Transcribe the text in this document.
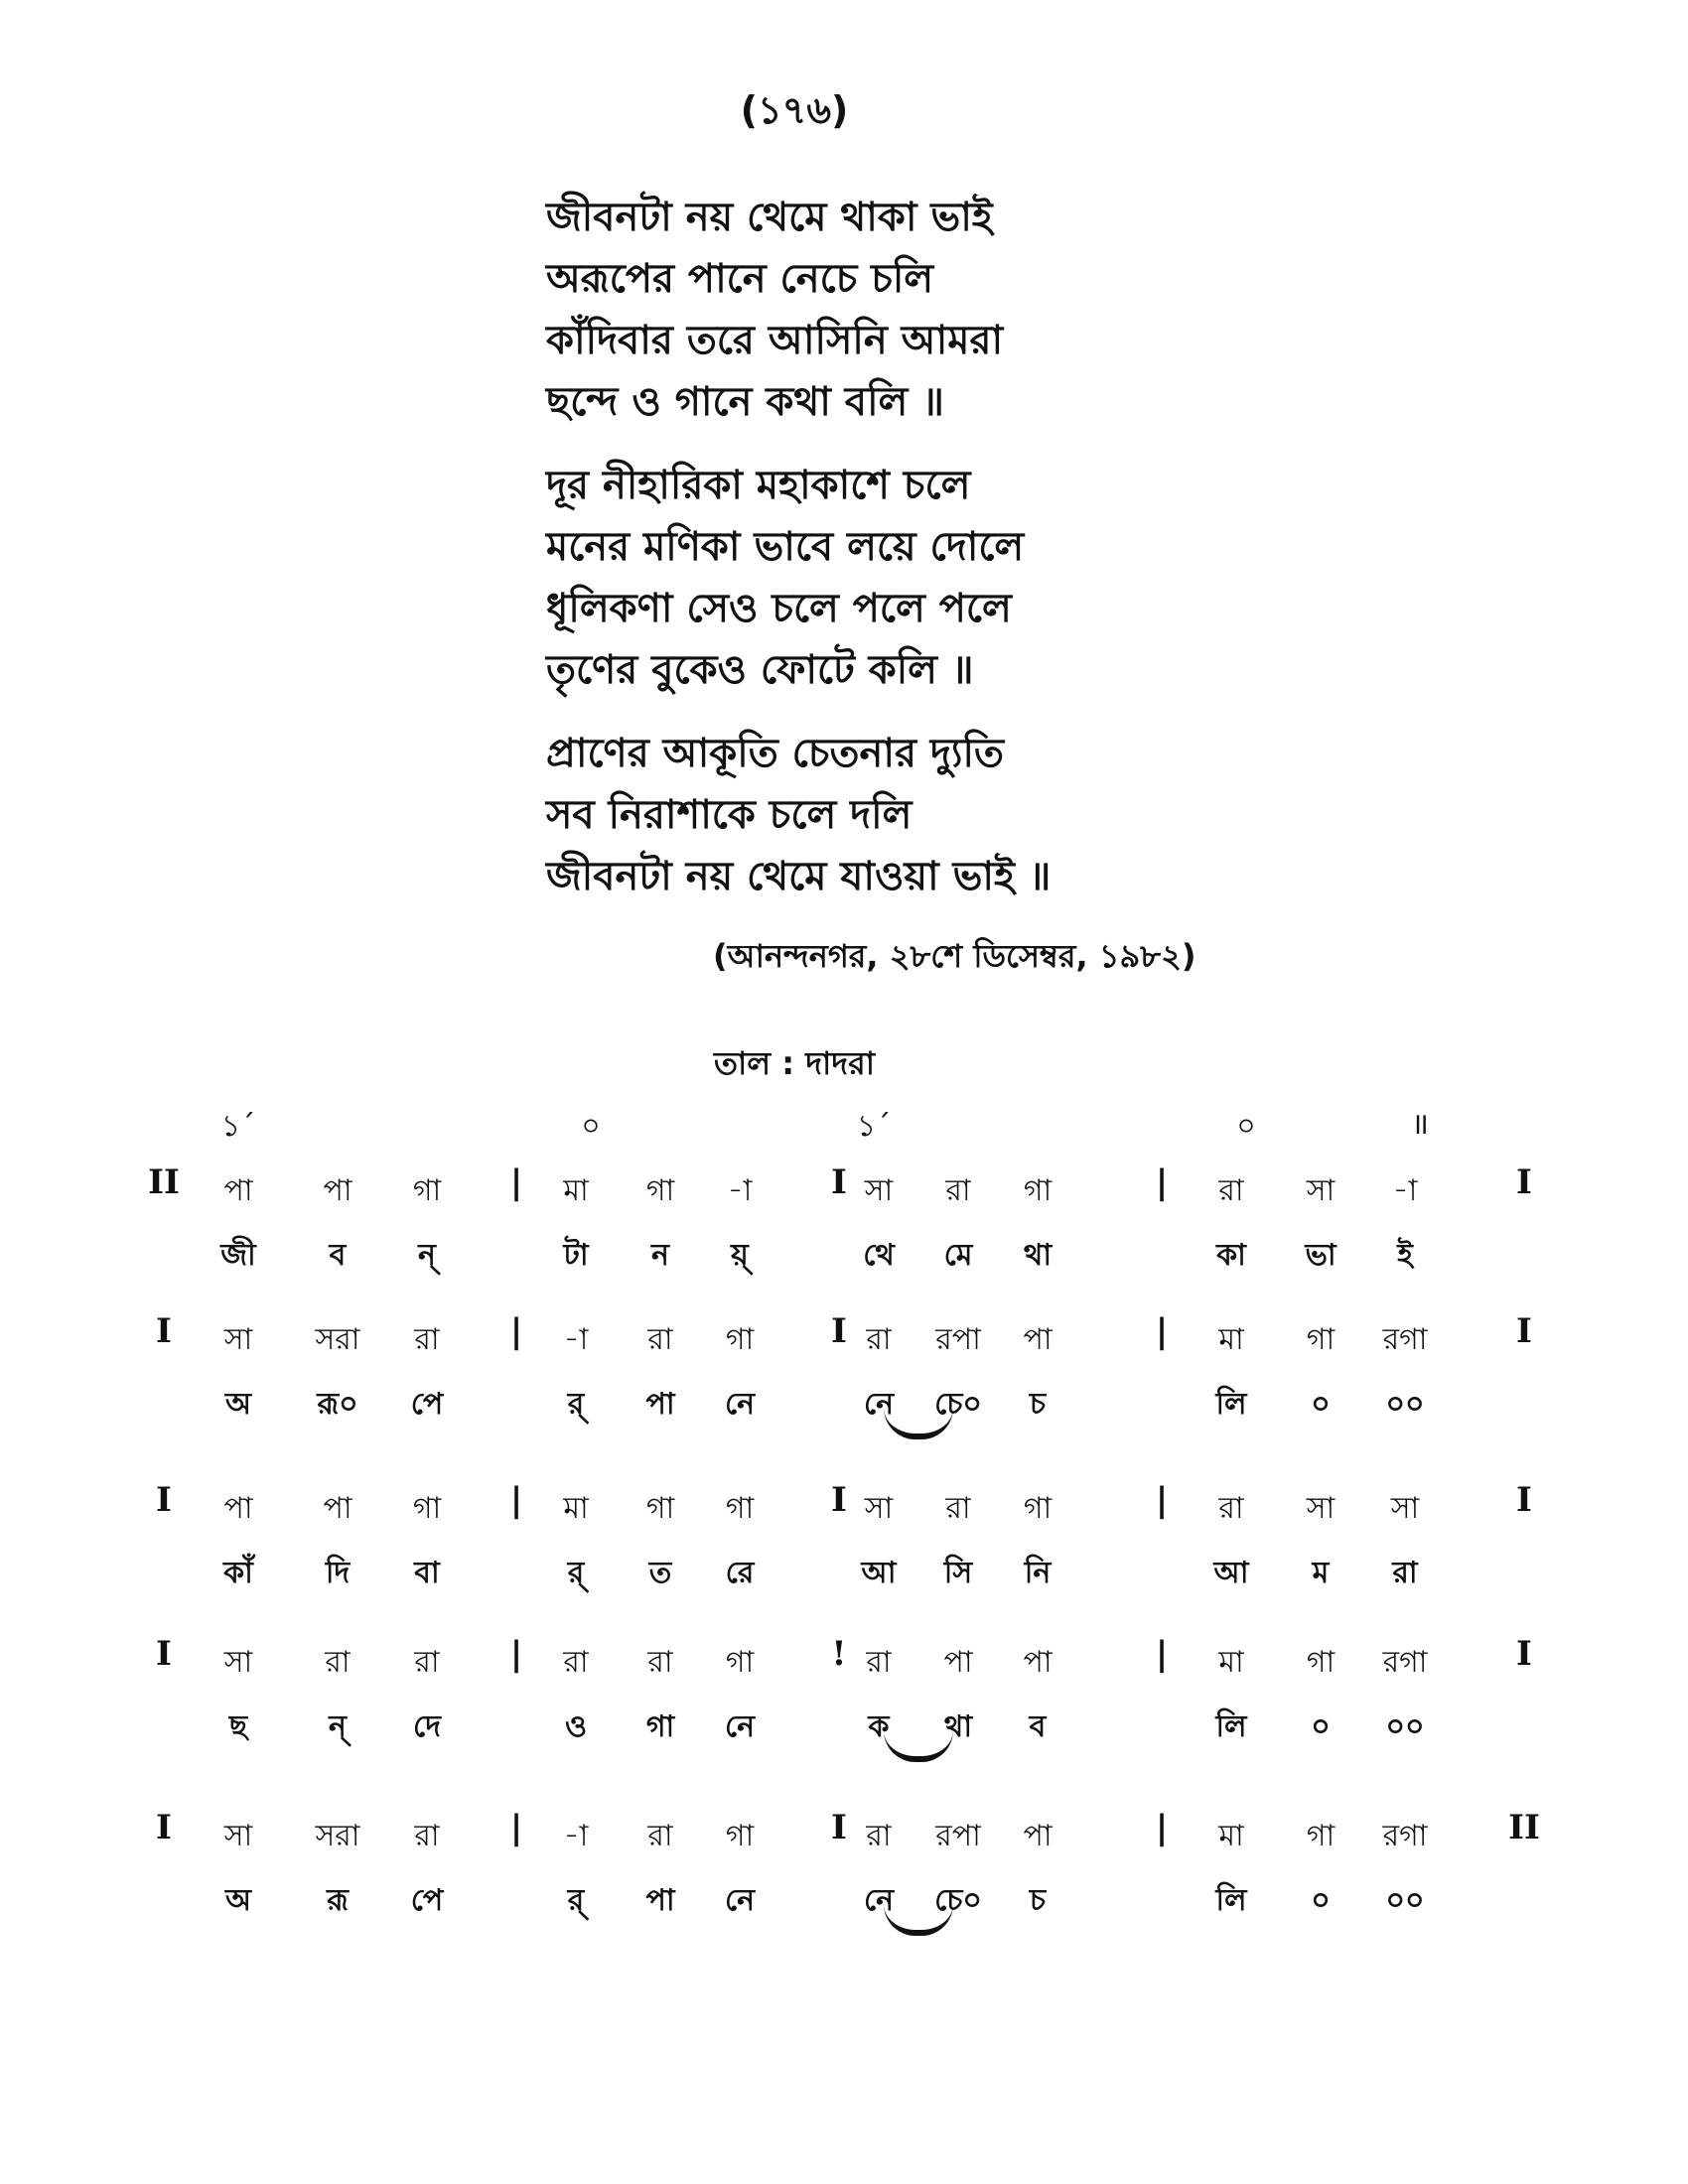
(১৭৬)
জীবনটা নয় থেমে থাকা ভাই
অরূপের পানে নেচে চলি
কাঁদিবার তরে আসিনি আমরা
ছন্দে ও গানে কথা বলি ॥
দূর নীহারিকা মহাকাশে চলে
মনের মণিকা ভাবে লয়ে দোলে
ধূলিকণা সেও চলে পলে পলে
তৃণের বুকেও ফোটে কলি ॥
প্রাণের আকূতি চেতনার দ্যুতি
সব নিরাশাকে চলে দলি
জীবনটা নয় থেমে যাওয়া ভাই ॥
(আনন্দনগর, ২৮শে ডিসেম্বর, ১৯৮২)
তাল : দাদরা
১´	০	১´	০	॥
II	I
|	I	|
পা	পা	গা	মা	গা	-া	সা	রা	গা	রা	সা	-া
জী	ব	ন্	টা	ন	য়্	থে	মে	থা	কা	ভা	ই
I	I
|	I	|
সা	সরা	রা	-া	রা	গা	রা	রপা	পা	মা	গা	রগা
অ	রূ০	পে	র্	পা	নে	নে	চে০	চ	লি	০	০০
I	I
|	I	|
পা	পা	গা	মা	গা	গা	সা	রা	গা	রা	সা	সা
কাঁ	দি	বা	র্	ত	রে	আ	সি	নি	আ	ম	রা
I	I
|	!	|
সা	রা	রা	রা	রা	গা	রা	পা	পা	মা	গা	রগা
ছ	ন্	দে	ও	গা	নে	ক	থা	ব	লি	০	০০
I	II
|	I	|
সা	সরা	রা	-া	রা	গা	রা	রপা	পা	মা	গা	রগা
অ	রূ	পে	র্	পা	নে	নে	চে০	চ	লি	০	০০
